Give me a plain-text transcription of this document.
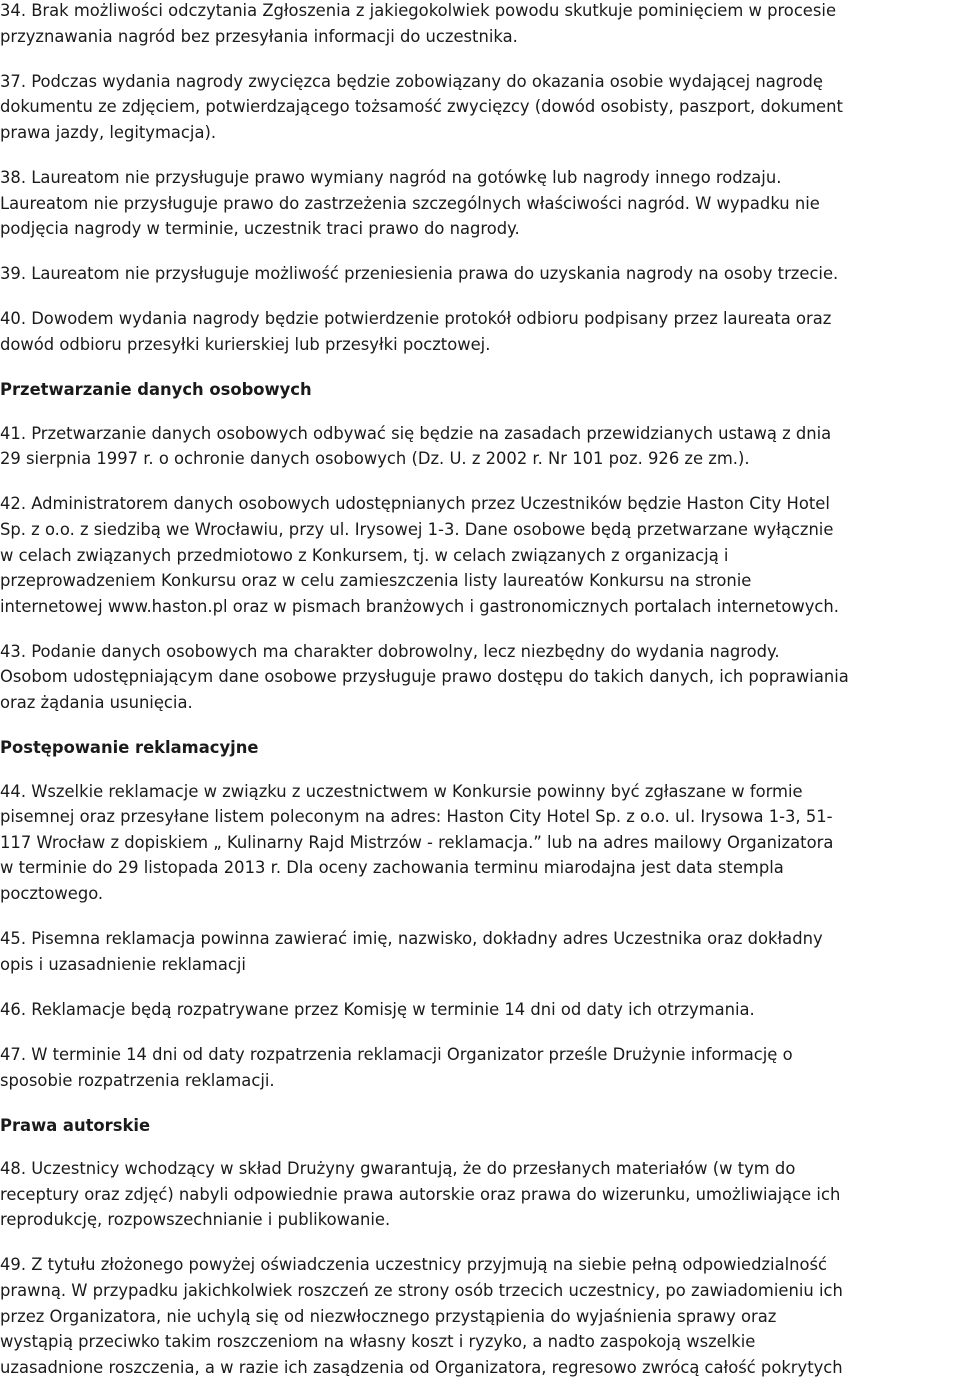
34. Brak możliwości odczytania Zgłoszenia z jakiegokolwiek powodu skutkuje pominięciem w procesie
przyznawania nagród bez przesyłania informacji do uczestnika.

37. Podczas wydania nagrody zwycięzca będzie zobowiązany do okazania osobie wydającej nagrodę
dokumentu ze zdjęciem, potwierdzającego tożsamość zwycięzcy (dowód osobisty, paszport, dokument
prawa jazdy, legitymacja).

38. Laureatom nie przysługuje prawo wymiany nagród na gotówkę lub nagrody innego rodzaju.
Laureatom nie przysługuje prawo do zastrzeżenia szczególnych właściwości nagród. W wypadku nie
podjęcia nagrody w terminie, uczestnik traci prawo do nagrody.

39. Laureatom nie przysługuje możliwość przeniesienia prawa do uzyskania nagrody na osoby trzecie.

40. Dowodem wydania nagrody będzie potwierdzenie protokół odbioru podpisany przez laureata oraz
dowód odbioru przesyłki kurierskiej lub przesyłki pocztowej.

Przetwarzanie danych osobowych

41. Przetwarzanie danych osobowych odbywać się będzie na zasadach przewidzianych ustawą z dnia
29 sierpnia 1997 r. o ochronie danych osobowych (Dz. U. z 2002 r. Nr 101 poz. 926 ze zm.).

42. Administratorem danych osobowych udostępnianych przez Uczestników będzie Haston City Hotel
Sp. z o.o. z siedzibą we Wrocławiu, przy ul. Irysowej 1-3. Dane osobowe będą przetwarzane wyłącznie
w celach związanych przedmiotowo z Konkursem, tj. w celach związanych z organizacją i
przeprowadzeniem Konkursu oraz w celu zamieszczenia listy laureatów Konkursu na stronie
internetowej www.haston.pl oraz w pismach branżowych i gastronomicznych portalach internetowych.

43. Podanie danych osobowych ma charakter dobrowolny, lecz niezbędny do wydania nagrody.
Osobom udostępniającym dane osobowe przysługuje prawo dostępu do takich danych, ich poprawiania
oraz żądania usunięcia.

Postępowanie reklamacyjne

44. Wszelkie reklamacje w związku z uczestnictwem w Konkursie powinny być zgłaszane w formie
pisemnej oraz przesyłane listem poleconym na adres: Haston City Hotel Sp. z o.o. ul. Irysowa 1-3, 51-
117 Wrocław z dopiskiem „ Kulinarny Rajd Mistrzów - reklamacja.” lub na adres mailowy Organizatora
w terminie do 29 listopada 2013 r. Dla oceny zachowania terminu miarodajna jest data stempla
pocztowego.

45. Pisemna reklamacja powinna zawierać imię, nazwisko, dokładny adres Uczestnika oraz dokładny
opis i uzasadnienie reklamacji

46. Reklamacje będą rozpatrywane przez Komisję w terminie 14 dni od daty ich otrzymania.

47. W terminie 14 dni od daty rozpatrzenia reklamacji Organizator prześle Drużynie informację o
sposobie rozpatrzenia reklamacji.

Prawa autorskie

48. Uczestnicy wchodzący w skład Drużyny gwarantują, że do przesłanych materiałów (w tym do
receptury oraz zdjęć) nabyli odpowiednie prawa autorskie oraz prawa do wizerunku, umożliwiające ich
reprodukcję, rozpowszechnianie i publikowanie.

49. Z tytułu złożonego powyżej oświadczenia uczestnicy przyjmują na siebie pełną odpowiedzialność
prawną. W przypadku jakichkolwiek roszczeń ze strony osób trzecich uczestnicy, po zawiadomieniu ich
przez Organizatora, nie uchylą się od niezwłocznego przystąpienia do wyjaśnienia sprawy oraz
wystąpią przeciwko takim roszczeniom na własny koszt i ryzyko, a nadto zaspokoją wszelkie
uzasadnione roszczenia, a w razie ich zasądzenia od Organizatora, regresowo zwrócą całość pokrytych
